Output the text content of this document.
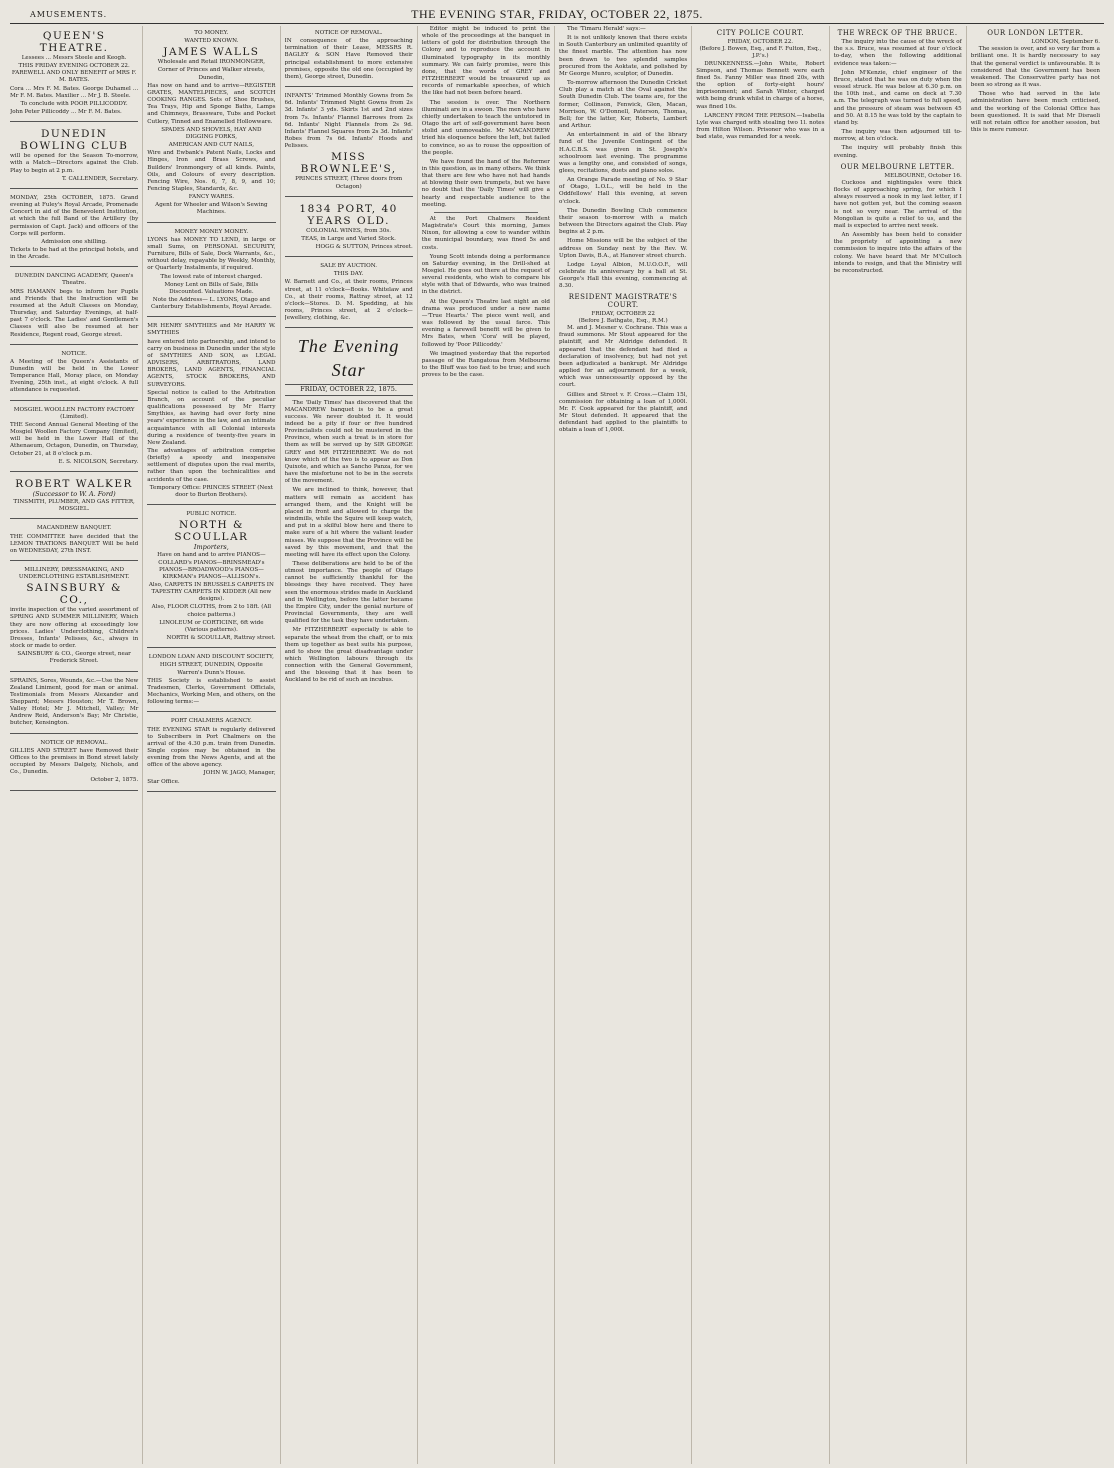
AMUSEMENTS.	THE EVENING STAR, FRIDAY, OCTOBER 22, 1875.
QUEEN'S THEATRE.

Lessees ... Messrs Steele and Keogh.

THIS FRIDAY EVENING OCTOBER 22. FAREWELL AND ONLY BENEFIT of MRS F. M. BATES.

Cora ... Mrs F. M. Bates. George Duhamel ... Mr F. M. Bates. Maxilier ... Mr J. B. Steele.

To conclude with POOR PILLICODDY.

John Peter Pillicoddy ... Mr F. M. Bates.

DUNEDIN BOWLING CLUB

will be opened for the Season To-morrow, with a Match—Directors against the Club. Play to begin at 2 p.m.

T. CALLENDER, Secretary.

MONDAY, 25th OCTOBER, 1875. Grand evening at Fuley's Royal Arcade, Promenade Concert in aid of the Benevolent Institution, at which the full Band of the Artillery (by permission of Capt. Jack) and officers of the Corps will perform.

Admission one shilling.

Tickets to be had at the principal hotels, and in the Arcade.

DUNEDIN DANCING ACADEMY, Queen's Theatre.

MRS HAMANN begs to inform her Pupils and Friends that the Instruction will be resumed at the Adult Classes on Monday, Thursday, and Saturday Evenings, at half-past 7 o'clock. The Ladies' and Gentlemen's Classes will also be resumed at her Residence, Regent road, George street.

NOTICE.

A Meeting of the Queen's Assistants of Dunedin will be held in the Lower Temperance Hall, Moray place, on Monday Evening, 25th inst., at eight o'clock. A full attendance is requested.

MOSGIEL WOOLLEN FACTORY FACTORY (Limited).

THE Second Annual General Meeting of the Mosgiel Woollen Factory Company (limited), will be held in the Lower Hall of the Athenaeum, Octagon, Dunedin, on Thursday, October 21, at 8 o'clock p.m.

E. S. NICOLSON, Secretary.

ROBERT WALKER

(Successor to W. A. Ford)

TINSMITH, PLUMBER, AND GAS FITTER, MOSGIEL.

MACANDREW BANQUET.

THE COMMITTEE have decided that the LEMON TRATIONS BANQUET Will be held on WEDNESDAY, 27th INST.

MILLINERY, DRESSMAKING, AND UNDERCLOTHING ESTABLISHMENT.

SAINSBURY & CO.,

invite inspection of the varied assortment of SPRING AND SUMMER MILLINERY, Which they are now offering at exceedingly low prices. Ladies' Underclothing, Children's Dresses, Infants' Pelisses, &c., always in stock or made to order.

SAINSBURY & CO., George street, near Frederick Street.

SPRAINS, Sores, Wounds, &c.—Use the New Zealand Liniment, good for man or animal. Testimonials from Messrs Alexander and Sheppard; Messrs Houston; Mr T. Brown, Valley Hotel; Mr J. Mitchell, Valley; Mr Andrew Reid, Anderson's Bay; Mr Christie, butcher, Kensington.

NOTICE OF REMOVAL.

GILLIES AND STREET have Removed their Offices to the premises in Bond street lately occupied by Messrs Dalgety, Nichols, and Co., Dunedin.

October 2, 1875.

TO MONEY.

WANTED KNOWN.

JAMES WALLS

Wholesale and Retail IRONMONGER,

Corner of Princes and Walker streets, Dunedin,

Has now on hand and to arrive—REGISTER GRATES, MANTELPIECES, and SCOTCH COOKING RANGES. Sets of Shoe Brushes, Tea Trays, Hip and Sponge Baths, Lamps and Chimneys, Brassware, Tubs and Pocket Cutlery, Tinned and Enamelled Hollowware.

SPADES AND SHOVELS, HAY AND DIGGING FORKS,

AMERICAN AND CUT NAILS,

Wire and Ewbank's Patent Nails, Locks and Hinges, Iron and Brass Screws, and Builders' Ironmongery of all kinds. Paints, Oils, and Colours of every description. Fencing Wire, Nos. 6, 7, 8, 9, and 10; Fencing Staples, Standards, &c.

FANCY WARES.

Agent for Wheeler and Wilson's Sewing Machines.

MONEY MONEY MONEY.

LYONS has MONEY TO LEND, in large or small Sums, on PERSONAL SECURITY, Furniture, Bills of Sale, Dock Warrants, &c., without delay, repayable by Weekly, Monthly, or Quarterly Instalments, if required.

The lowest rate of interest charged.

Money Lent on Bills of Sale, Bills Discounted. Valuations Made.

Note the Address— L. LYONS, Otago and Canterbury Establishments, Royal Arcade.

MR HENRY SMYTHIES and Mr HARRY W. SMYTHIES

have entered into partnership, and intend to carry on business in Dunedin under the style of SMYTHIES AND SON, as LEGAL ADVISERS, ARBITRATORS, LAND BROKERS, LAND AGENTS, FINANCIAL AGENTS, STOCK BROKERS, AND SURVEYORS.

Special notice is called to the Arbitration Branch, on account of the peculiar qualifications possessed by Mr Harry Smythies, as having had over forty nine years' experience in the law, and an intimate acquaintance with all Colonial interests during a residence of twenty-five years in New Zealand.

The advantages of arbitration comprise (briefly) a speedy and inexpensive settlement of disputes upon the real merits, rather than upon the technicalities and accidents of the case.

Temporary Office: PRINCES STREET (Next door to Burton Brothers).

PUBLIC NOTICE.

NORTH & SCOULLAR

Importers,

Have on hand and to arrive PIANOS—COLLARD's PIANOS—BRINSMEAD's PIANOS—BROADWOOD's PIANOS—KIRKMAN's PIANOS—ALLISON's.

Also, CARPETS IN BRUSSELS CARPETS IN TAPESTRY CARPETS IN KIDDER (All new designs).

Also, FLOOR CLOTHS, from 2 to 18ft. (All choice patterns.)

LINOLEUM or CORTICINE, 6ft wide (Various patterns).

NORTH & SCOULLAR, Rattray street.

LONDON LOAN AND DISCOUNT SOCIETY,

HIGH STREET, DUNEDIN, Opposite Warren's Dunn's House.

THIS Society is established to assist Tradesmen, Clerks, Government Officials, Mechanics, Working Men, and others, on the following terms:—

PORT CHALMERS AGENCY.

THE EVENING STAR is regularly delivered to Subscribers in Port Chalmers on the arrival of the 4.30 p.m. train from Dunedin. Single copies may be obtained in the evening from the News Agents, and at the office of the above agency.

JOHN W. JAGO, Manager,

Star Office.

NOTICE OF REMOVAL.

IN consequence of the approaching termination of their Lease, MESSRS R. BAGLEY & SON Have Removed their principal establishment to more extensive premises, opposite the old one (occupied by them), George street, Dunedin.

INFANTS' Trimmed Monthly Gowns from 5s 6d. Infants' Trimmed Night Gowns from 2s 3d. Infants' 3 yds. Skirts 1st and 2nd sizes from 7s. Infants' Flannel Barrows from 2s 6d. Infants' Night Flannels from 2s 9d. Infants' Flannel Squares from 2s 3d. Infants' Robes from 7s 6d. Infants' Hoods and Pelisses.

MISS BROWNLEE'S,

PRINCES STREET, (Three doors from Octagon)

1834 PORT, 40 YEARS OLD.

COLONIAL WINES, from 30s.

TEAS, in Large and Varied Stock.

HOGG & SUTTON, Princes street.

SALE BY AUCTION.

THIS DAY.

W. Barnett and Co., at their rooms, Princes street, at 11 o'clock—Books. Whitelaw and Co., at their rooms, Rattray street, at 12 o'clock—Stores. D. M. Spedding, at his rooms, Princes street, at 2 o'clock—Jewellery, clothing, &c.

The Evening Star
FRIDAY, OCTOBER 22, 1875.

The 'Daily Times' has discovered that the MACANDREW banquet is to be a great success. We never doubted it. It would indeed be a pity if four or five hundred Provincialists could not be mustered in the Province, when such a treat is in store for them as will be served up by SIR GEORGE GREY and MR FITZHERBERT. We do not know which of the two is to appear as Don Quixote, and which as Sancho Panza, for we have the misfortune not to be in the secrets of the movement.

We are inclined to think, however, that matters will remain as accident has arranged them, and the Knight will be placed in front and allowed to charge the windmills, while the Squire will keep watch, and put in a skilful blow here and there to make sure of a hit where the valiant leader misses. We suppose that the Province will be saved by this movement, and that the meeting will have its effect upon the Colony.

These deliberations are held to be of the utmost importance. The people of Otago cannot be sufficiently thankful for the blessings they have received. They have seen the enormous strides made in Auckland and in Wellington, before the latter became the Empire City, under the genial nurture of Provincial Governments, they are well qualified for the task they have undertaken.

Mr FITZHERBERT especially is able to separate the wheat from the chaff, or to mix them up together as best suits his purpose, and to show the great disadvantage under which Wellington labours through its connection with the General Government, and the blessing that it has been to Auckland to be rid of such an incubus.

Editor might be induced to print the whole of the proceedings at the banquet in letters of gold for distribution through the Colony and to reproduce the account in illuminated typography in its monthly summary. We can fairly promise, were this done, that the words of GREY and FITZHERBERT would be treasured up as records of remarkable speeches, of which the like had not been before heard.

The session is over. The Northern illuminati are in a swoon. The men who have chiefly undertaken to teach the untutored in Otago the art of self-government have been stolid and unmoveable. Mr MACANDREW tried his eloquence before the left, but failed to convince, so as to rouse the opposition of the people.

We have found the hand of the Reformer in this question, as in many others. We think that there are few who have not had hands at blowing their own trumpets, but we have no doubt that the 'Daily Times' will give a hearty and respectable audience to the meeting.

At the Port Chalmers Resident Magistrate's Court this morning, James Nixon, for allowing a cow to wander within the municipal boundary, was fined 5s and costs.

Young Scott intends doing a performance on Saturday evening, in the Drill-shed at Mosgiel. He goes out there at the request of several residents, who wish to compare his style with that of Edwards, who was trained in the district.

At the Queen's Theatre last night an old drama was produced under a new name—'True Hearts.' The piece went well, and was followed by the usual farce. This evening a farewell benefit will be given to Mrs Bates, when 'Cora' will be played, followed by 'Poor Pillicoddy.'

We imagined yesterday that the reported passage of the Rangatoua from Melbourne to the Bluff was too fast to be true; and such proves to be the case.

The 'Timaru Herald' says:—

It is not unlikely known that there exists in South Canterbury an unlimited quantity of the finest marble. The attention has now been drawn to two splendid samples procured from the Aoktate, and polished by Mr George Munro, sculptor, of Dunedin.

To-morrow afternoon the Dunedin Cricket Club play a match at the Oval against the South Dunedin Club. The teams are, for the former, Collinson, Fenwick, Glen, Macan, Morrison, W. O'Donnell, Paterson, Thomas, Bell; for the latter, Ker, Roberts, Lambert and Arthur.

An entertainment in aid of the library fund of the Juvenile Contingent of the H.A.C.B.S. was given in St. Joseph's schoolroom last evening. The programme was a lengthy one, and consisted of songs, glees, recitations, duets and piano solos.

An Orange Parade meeting of No. 9 Star of Otago, L.O.L., will be held in the Oddfellows' Hall this evening, at seven o'clock.

The Dunedin Bowling Club commence their season to-morrow with a match between the Directors against the Club. Play begins at 2 p.m.

Home Missions will be the subject of the address on Sunday next by the Rev. W. Upton Davis, B.A., at Hanover street church.

Lodge Loyal Albion, M.U.O.O.F., will celebrate its anniversary by a ball at St. George's Hall this evening, commencing at 8.30.

RESIDENT MAGISTRATE'S COURT.

FRIDAY, OCTOBER 22

(Before J. Bathgate, Esq., R.M.)

M. and J. Mesner v. Cochrane. This was a fraud summons. Mr Stout appeared for the plaintiff, and Mr Aldridge defended. It appeared that the defendant had filed a declaration of insolvency, but had not yet been adjudicated a bankrupt. Mr Aldridge applied for an adjournment for a week, which was unnecessarily opposed by the court.

Gillies and Street v. F. Cross.—Claim 15l, commission for obtaining a loan of 1,000l. Mr. F. Cook appeared for the plaintiff, and Mr Stout defended. It appeared that the defendant had applied to the plaintiffs to obtain a loan of 1,000l.

CITY POLICE COURT.

FRIDAY, OCTOBER 22.

(Before J. Bowen, Esq., and F. Fulton, Esq., J.P.'s.)

DRUNKENNESS.—John White, Robert Simpson, and Thomas Bennett were each fined 5s. Fanny Miller was fined 20s, with the option of forty-eight hours' imprisonment; and Sarah Winter, charged with being drunk whilst in charge of a horse, was fined 10s.

LARCENY FROM THE PERSON.—Isabella Lyle was charged with stealing two 1l. notes from Hilton Wilson. Prisoner who was in a bad state, was remanded for a week.

THE WRECK OF THE BRUCE.

The inquiry into the cause of the wreck of the s.s. Bruce, was resumed at four o'clock to-day, when the following additional evidence was taken:—

John M'Kenzie, chief engineer of the Bruce, stated that he was on duty when the vessel struck. He was below at 6.30 p.m. on the 10th inst., and came on deck at 7.30 a.m. The telegraph was turned to full speed, and the pressure of steam was between 45 and 50. At 8.15 he was told by the captain to stand by.

The inquiry was then adjourned till to-morrow, at ten o'clock.

The inquiry will probably finish this evening.

OUR MELBOURNE LETTER.

MELBOURNE, October 16.

Cuckoos and nightingales were thick flocks of approaching spring, for which I always reserved a nook in my last letter, if I have not gotten yet, but the coming season is not so very near. The arrival of the Mongolian is quite a relief to us, and the mail is expected to arrive next week.

An Assembly has been held to consider the propriety of appointing a new commission to inquire into the affairs of the colony. We have heard that Mr M'Culloch intends to resign, and that the Ministry will be reconstructed.

OUR LONDON LETTER.

LONDON, September 6.

The session is over, and so very far from a brilliant one. It is hardly necessary to say that the general verdict is unfavourable. It is considered that the Government has been weakened. The Conservative party has not been so strong as it was.

Those who had served in the late administration have been much criticised, and the working of the Colonial Office has been questioned. It is said that Mr Disraeli will not retain office for another session, but this is mere rumour.
